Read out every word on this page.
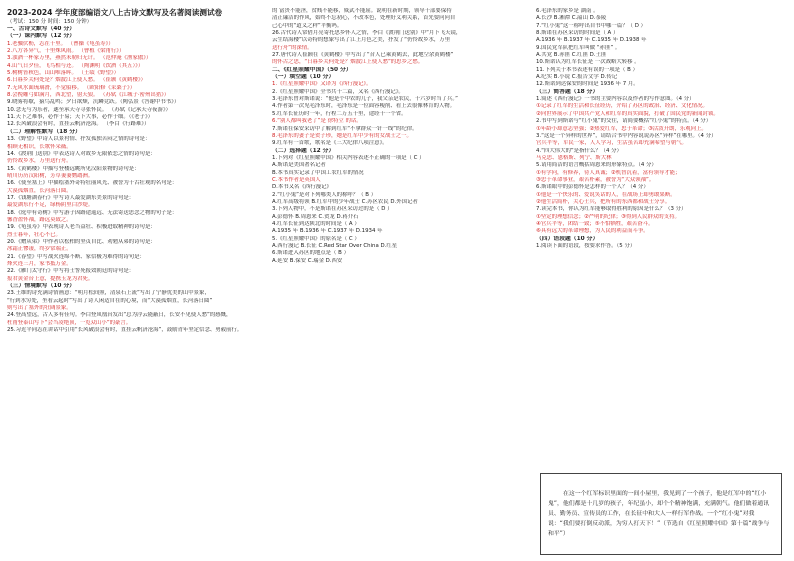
2023-2024 学年度部编语文八上古诗文默写及名著阅读测试卷
（考试：150 分 时间：150 分钟）
一、古诗文默写（40 分）
（一）课内默写（12 分）
1.老骥伏枥，志在千里。 （曹操《龟虽寿》）
2.八方各异气，千里殊风雨。 （曹植《梁甫行》）
3.浊酒一杯家万里，燕然未勒归无计。 （范仲淹《渔家傲》）
4.山气日夕佳，飞鸟相与还。 （陶渊明《饮酒（其五）》）
5.树树皆秋色，山山唯落晖。 （王绩《野望》）
6.日暮乡关何处是？烟波江上使人愁。 （崔颢《黄鹤楼》）
7.无风水面琉璃滑，不觉船移。 （欧阳修《采桑子》）
8.会挽雕弓如满月，西北望，射天狼。 （苏轼《江城子·密州出猎》）
9.晓雾将歇，猿鸟乱鸣；夕日欲颓，沉鳞竞跃。（陶弘景《答谢中书书》）
10.念无与为乐者，遂至承天寺寻张怀民。 （苏轼《记承天寺夜游》）
11.天下之难事，必作于易；天下大事，必作于细。（《老子》）
12.长风破浪会有时，直挂云帆济沧海。 （李白《行路难》）
（二）理解性默写（18 分）
13.《野望》中诗人以景衬情、抒发孤独苦闷之情的诗句是：
相顾无相识，长歌怀采薇。
14.《渡荆门送别》中表达诗人对故乡无限依恋之情的诗句是：
仍怜故乡水，万里送行舟。
15.《黄鹤楼》中描写登楼远眺所见汉阳景物的诗句是：
晴川历历汉阳树，芳草萋萋鹦鹉洲。
16.《使至塞上》中描绘塞外奇特壮丽风光、被誉为千古壮观的名句是：
大漠孤烟直，长河落日圆。
17.《钱塘湖春行》中写诗人最爱湖东美景的诗句是：
最爱湖东行不足，绿杨阴里白沙堤。
18.《庭中有奇树》中写游子因路途遥远、无法寄送思念之物的句子是：
馨香盈怀袖，路远莫致之。
19.《龟虽寿》中表现诗人老当益壮、积极进取精神的诗句是：
烈士暮年，壮心不已。
20.《赠从弟》中作者以松柏的坚贞自比、劝勉从弟的诗句是：
冰霜正惨凄，终岁常端正。
21.《春望》中写战火连绵不断、家信极为难得的诗句是：
烽火连三月，家书抵万金。
22.《雁门太守行》中写将士誓死报效朝廷的诗句是：
报君黄金台上意，提携玉龙为君死。
（三）情境默写（10 分）
23.王维的诗充满诗情画意：“明月松间照，清泉石上流”写出了宁静优美的山中景象，
“行到水穷处，坐看云起时”写出了诗人闲适自在的心境，而“大漠孤烟直，长河落日圆”
则写出了塞外的壮阔景象。
24.登高望远，古人多有佳句。李白登凤凰台发出“总为浮云能蔽日，长安不见使人愁”的感慨，
杜甫登泰山写下“会当凌绝顶，一览众山小”的豪言。
25.习近平同志在讲话中引用“长风破浪会有时，直挂云帆济沧海”，鼓励青年坚定信念、勇毅前行。
的 富贵不能淫，贫贱不能移，威武不能屈。说明在新时期，领导干部要保持
清正廉洁的作风，始终不忘初心，不改本色，处理好义利关系，首先要问问自
己心中的“道义之秤”平衡吗。
26.古代诗人常借月亮寄托思乡怀人之情，李白《渡荆门送别》中“月下飞天镜，
云生结海楼”以奇特的想象写出了江上月色之美，抒发了“仍怜故乡水，万里
送行舟”的深情。
27.唐代诗人崔颢在《黄鹤楼》中写出了“昔人已乘黄鹤去，此地空余黄鹤楼”
的怀古之思，“日暮乡关何处是？烟波江上使人愁”的思乡之愁。
二、《红星照耀中国》（50 分）
（一）填空题（10 分）
1.《红星照耀中国》又译为《西行漫记》。
2.《红星照耀中国》全书共十二篇，又名《西行漫记》。
3.毛泽东曾对斯诺说：“他是个中农的儿子，我父亲是农民，十六岁时当了兵。”
4.作者第一次见毛泽东时，毛泽东是一位面容瘦削、看上去很像林肯的人物。
5.红军长征历时一年，行程二万五千里，途经十一个省。
6.“别人都叫我老了”是 徐特立 的话。
7.斯诺在保安采访中了解到红军“不拿群众一针一线”的纪律。
8.毛泽东的妻子是贺子珍，她是红军中少有的女战士之一。
9.红军有一首歌，歌名是《三大纪律八项注意》。
（二）选择题（12 分）
1.下列对《红星照耀中国》相关内容表述不正确的一项是（ C ）
A.斯诺是美国著名记者
B.本书真实记录了中国工农红军的情况
C.本书作者是英国人
D.本书又名《西行漫记》
2.“红小鬼”是对下列哪类人的称呼？（ B ）
A.红军高级将领 B.红军中的少年战士 C.苏区农民 D.外国记者
3.下列人物中，不是斯诺在苏区采访过的是（ D ）
A.彭德怀 B.周恩来 C.贺龙 D.蒋介石
4.红军长征到达陕北的时间是（ A ）
A.1935 年 B.1936 年 C.1937 年 D.1934 年
5.《红星照耀中国》的原名是（ C ）
A.西行漫记 B.长征 C.Red Star Over China D.红星
6.斯诺进入苏区的地点是（ B ）
A.延安 B.保安 C.瑞金 D.西安
6.毛泽东的家乡是 湖南 。
A.长沙 B.湘潭 C.韶山 D.茶陵
7.“红小鬼”这一称呼出自书中哪一篇？（ D ）
8.斯诺在苏区采访的时间是（ A ）
A.1936 年 B.1937 年 C.1935 年 D.1938 年
9.国民党军队把红军叫做 “赤匪” 。
A.共党 B.赤匪 C.红匪 D.土匪
10.斯诺认为红军长征是 一次战略大转移 。
11.下列关于本书表述有误的一项是（ B ）
A.纪实 B.小说 C.报告文学 D.传记
12.斯诺到达保安的时间是 1936 年 7 月。
（三）简答题（18 分）
1.简述《西行漫记》一书的主要内容以及作者的写作意图。（4 分）
①记录了红军的生活和长征经历，介绍了苏区的政治、经济、文化情况。
②向世界展示了中国共产党人和红军的真实面貌，打破了国民党的新闻封锁。
2.书中写到斯诺与“红小鬼”的交往，请简要概括“红小鬼”的特点。（4 分）
①年龄小却意志坚强；②热爱红军，忠于革命；③活泼开朗，乐观向上。
3.“这是一个异样的世界”，请结合书中内容说说苏区“异样”在哪里。（4 分）
官兵平等，军民一家，人人学习，生活虽苦却充满希望与朝气。
4.“四大伟大的”是指什么？（4 分）
马克思、恩格斯、列宁、斯大林
5.请用简洁的语言概括周恩来的形象特点。（4 分）
①有学问，有修养，待人真诚；②机智沉着，富有领导才能；
③忠于革命事业，艰苦朴素，被誉为“大众领袖”。
6.斯诺眼中的彭德怀是怎样的一个人？（4 分）
①他是一个快乐的、爱说笑话的人，在战场上却勇敢果断。
②他生活简朴，关心士兵，把所有的东西都和战士分享。
7.读完本书，你认为红军能够取得胜利的原因是什么？（3 分）
①坚定的理想信念；②严明的纪律；③得到人民群众的支持。
④官兵平等，团结一致；⑤不怕牺牲，艰苦奋斗。
⑥具有远大的革命理想，为人民的利益而斗争。
（四）语段题（10 分）
1.阅读下面的语段，按要求作答。（5 分）

在这一个红军标识里面的一间小屋里，我见到了一个孩子，他是红军中的“红小鬼”，他们都是十几岁的孩子，年纪虽小，却个个精神饱满，充满朝气。他们做着通讯员、勤务员、宣传员的工作，在长征中和大人一样行军作战。一个“红小鬼”对我说：“我们要打倒反动派，为穷人打天下！”（节选自《红星照耀中国》第十篇“战争与和平”）
